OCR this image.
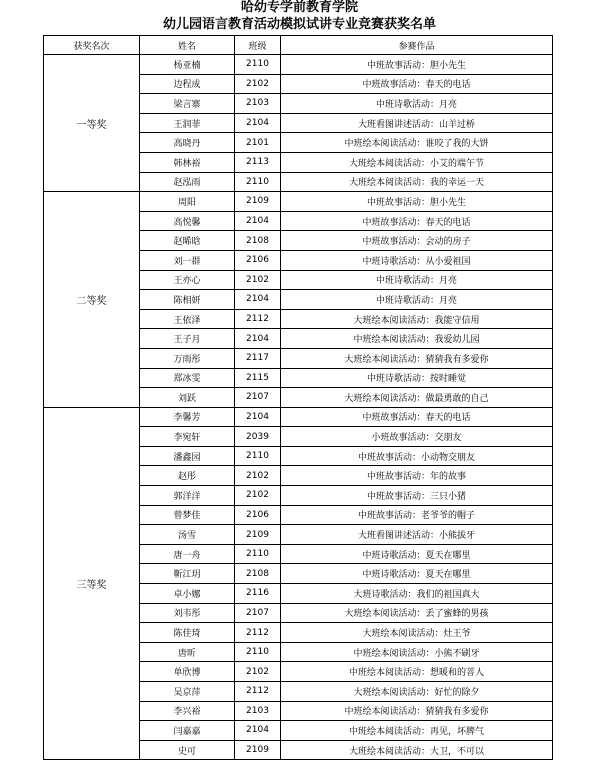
哈幼专学前教育学院
幼儿园语言教育活动模拟试讲专业竞赛获奖名单
获奖名次	姓名	班级	参赛作品
一等奖	杨亚楠	2110	中班故事活动：胆小先生
	边程成	2102	中班故事活动：春天的电话
	梁言寨	2103	中班诗歌活动：月亮
	王润菲	2104	大班看图讲述活动：山羊过桥
	高晓丹	2101	中班绘本阅读活动：谁咬了我的大饼
	韩林裕	2113	大班绘本阅读活动：小艾的端午节
	赵泓雨	2110	大班绘本阅读活动：我的幸运一天
二等奖	周阳	2109	中班故事活动：胆小先生
	高悦馨	2104	中班故事活动：春天的电话
	赵晞晗	2108	中班故事活动：会动的房子
	刘一群	2106	中班诗歌活动：从小爱祖国
	王亦心	2102	中班诗歌活动：月亮
	陈相妍	2104	中班诗歌活动：月亮
	王依泽	2112	大班绘本阅读活动：我能守信用
	王子月	2104	中班绘本阅读活动：我爱幼儿园
	万雨彤	2117	大班绘本阅读活动：猜猜我有多爱你
	郑冰雯	2115	中班诗歌活动：按时睡觉
	刘跃	2107	大班绘本阅读活动：做最勇敢的自己
三等奖	李馨芳	2104	中班故事活动：春天的电话
	李宛轩	2039	小班故事活动：交朋友
	潘鑫园	2110	中班故事活动：小动物交朋友
	赵彤	2102	中班故事活动：年的故事
	郭洋洋	2102	中班故事活动：三只小猪
	曾梦佳	2106	中班故事活动：老爷爷的帽子
	汤雪	2109	大班看图讲述活动：小熊拔牙
	唐一舟	2110	中班诗歌活动：夏天在哪里
	靳江玥	2108	中班诗歌活动：夏天在哪里
	卓小娜	2116	大班诗歌活动：我们的祖国真大
	刘韦彤	2107	大班绘本阅读活动：丢了蜜蜂的男孩
	陈佳琦	2112	大班绘本阅读活动：灶王爷
	唐昕	2110	中班绘本阅读活动：小熊不刷牙
	单欣博	2102	中班绘本阅读活动：想暖和的菩人
	吴京萍	2112	大班绘本阅读活动：好忙的除夕
	李兴裕	2103	中班绘本阅读活动：猜猜我有多爱你
	闫嘉嘉	2104	中班绘本阅读活动：再见，坏脾气
	史可	2109	大班绘本阅读活动：大卫，不可以
